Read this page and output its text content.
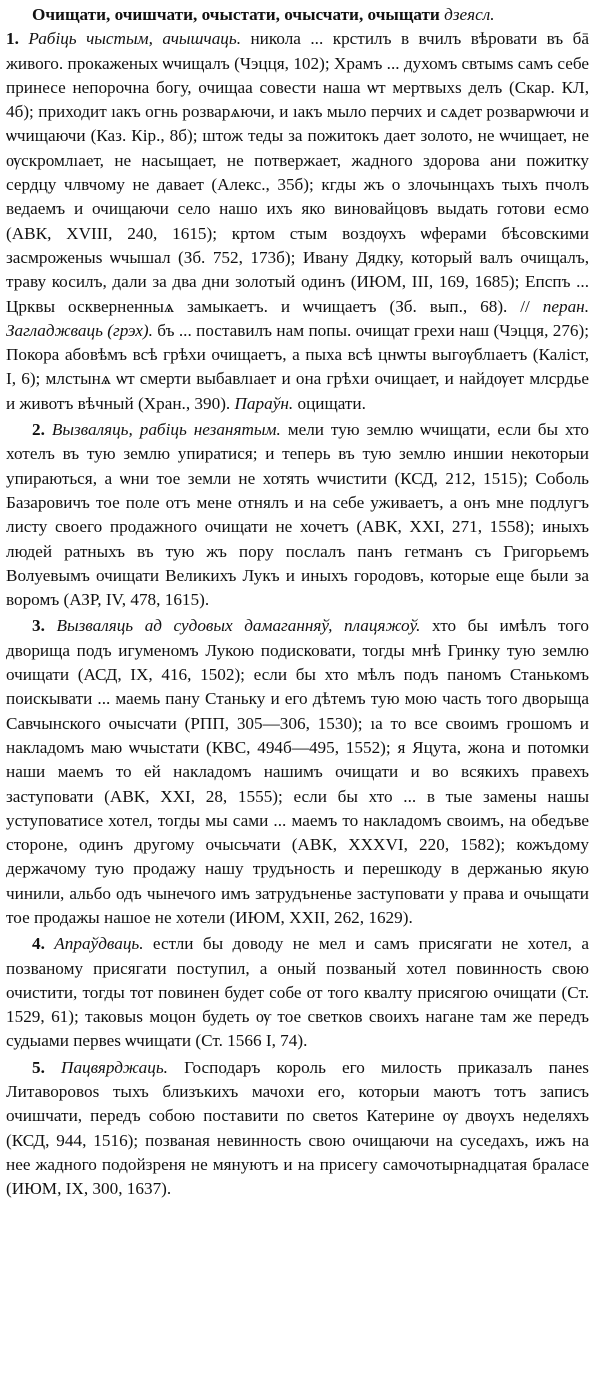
Очищати, очишчати, очыстати, очысчати, очыщати дзеясл.
1. Рабіць чыстым, ачышчаць. никола ... крстилъ в вчилъ вѣровати въ бā живого. прокаженых ѡчищалъ (Чэцця, 102); Храмъ ... духомъ свтымs самъ себе принесе непорочна богу, очищаа совести наша ѡт мертвыхs делъ (Скар. КЛ, 4б); приходит ıакъ огнь розварѧючи, и ıакъ мыло перчих и сѧдет розварѡючи и ѡчищаючи (Каз. Кір., 8б); штож теды за пожитокъ дает золото, не ѡчищает, не ѹскромлıает, не насыщает, не потвержает, жадного здорова ани пожитку сердцу члвчому не давает (Алекс., 35б); кгды жъ о злочынцахъ тыхъ пчолъ ведаемъ и очищаючи село нашо ихъ яко виновайцовъ выдать готови есмо (АВК, XVIII, 240, 1615); кртом стым воздѹхъ ѡферами бѣсовскими засмроженыs ѡчышал (Зб. 752, 173б); Ивану Дядку, который валъ очищалъ, траву косилъ, дали за два дни золотый одинъ (ИЮМ, III, 169, 1685); Епспъ ... Црквы оскверненныѧ замыкаетъ. и ѡчищаетъ (Зб. вып., 68). // перан. Загладжваць (грэх). бъ ... поставилъ нам попы. очищат грехи наш (Чэцця, 276); Покора абовѣмъ всѣ грѣхи очищаетъ, а пыха всѣ цнѡты выгѹблıаетъ (Калiст, I, 6); млстынѧ ѡт смерти выбавлıает и она грѣхи очищает, и найдѹет млсрдье и животъ вѣчный (Хран., 390). Параўн. оцищати.

2. Вызваляць, рабіць незанятым. мели тую землю ѡчищати, если бы хто хотелъ въ тую землю упиратися; и теперь въ тую землю иншии некоторыи упираються, а ѡни тое земли не хотять ѡчистити (КСД, 212, 1515); Соболь Базаровичъ тое поле отъ мене отнялъ и на себе уживаетъ, а онъ мне подлугъ листу своего продажного очищати не хочетъ (АВК, XXI, 271, 1558); иныхъ людей ратныхъ въ тую жъ пору послалъ панъ гетманъ съ Григорьемъ Волуевымъ очищати Великихъ Лукъ и иныхъ городовъ, которые еще были за воромъ (АЗР, IV, 478, 1615).

3. Вызваляць ад судовых дамаганняў, плацяжоў. хто бы имѣлъ того дворища подъ игуменомъ Лукою подисковати, тогды мнѣ Гринку тую землю очищати (АСД, IX, 416, 1502); если бы хто мѣлъ подъ паномъ Станькомъ поискывати ... маемь пану Станьку и его дѣтемъ тую мою часть того дворыща Савчынского очысчати (РПП, 305—306, 1530); ıа то все своимъ грошомъ и накладомъ маю ѡчыстати (КВС, 494б—495, 1552); я Яцута, жона и потомки наши маемъ то ей накладомъ нашимъ очищати и во всякихъ правехъ заступовати (АВК, XXI, 28, 1555); если бы хто ... в тые замены нашы уступоватисе хотел, тогды мы сами ... маемъ то накладомъ своимъ, на обедъве стороне, одинъ другому очысьчати (АВК, XXXVI, 220, 1582); кожъдому держачому тую продажу нашу трудъность и перешкоду в держанью якую чинили, альбо одъ чынечого имъ затрудъненье заступовати у права и очыщати тое продажы нашое не хотели (ИЮМ, XXII, 262, 1629).

4. Апраўдваць. естли бы доводу не мел и самъ присягати не хотел, а позваному присягати поступил, а оный позваный хотел повинность свою очистити, тогды тот повинен будет собе от того квалту присягою очищати (Ст. 1529, 61); таковыs моцон будеть ѹ тое светков своихъ нагане там же передъ судыами первеs ѡчищати (Ст. 1566 I, 74).

5. Пацвярджаць. Господаръ король его милость приказалъ панеs Литаворовоs тыхъ близъкихъ мачохи его, которыи маютъ тотъ записъ очишчати, передъ собою поставити по светоs Катерине ѹ двѹхъ неделяхъ (КСД, 944, 1516); позваная невинность свою очищаючи на суседахъ, ижъ на нее жадного подойзреня не мянуютъ и на присегу самочотырнадцатая браласе (ИЮМ, IX, 300, 1637).
